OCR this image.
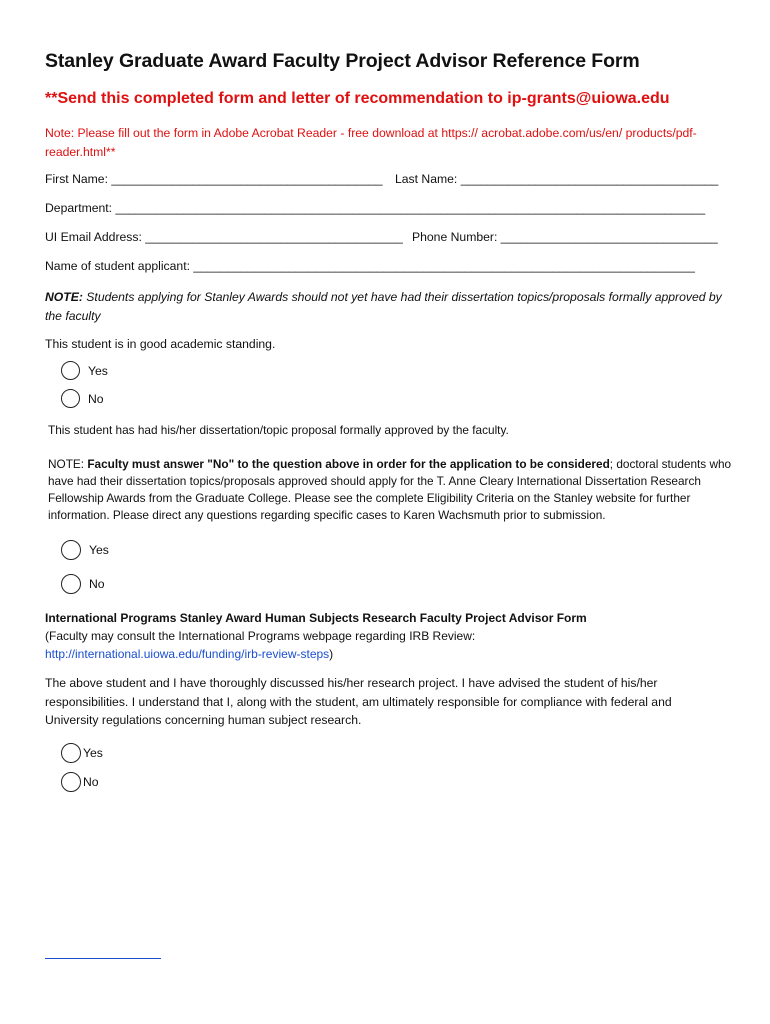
Stanley Graduate Award Faculty Project Advisor Reference Form
**Send this completed form and letter of recommendation to ip-grants@uiowa.edu
Note: Please fill out the form in Adobe Acrobat Reader - free download at https:// acrobat.adobe.com/us/en/ products/pdf-reader.html**
First Name: ________________________________________ Last Name: ______________________________________
Department: _______________________________________________________________________________________
UI Email Address: ______________________________________ Phone Number: ________________________________
Name of student applicant: __________________________________________________________________________
NOTE: Students applying for Stanley Awards should not yet have had their dissertation topics/proposals formally approved by the faculty
This student is in good academic standing.
Yes
No
This student has had his/her dissertation/topic proposal formally approved by the faculty.
NOTE: Faculty must answer "No" to the question above in order for the application to be considered; doctoral students who have had their dissertation topics/proposals approved should apply for the T. Anne Cleary International Dissertation Research Fellowship Awards from the Graduate College. Please see the complete Eligibility Criteria on the Stanley website for further information. Please direct any questions regarding specific cases to Karen Wachsmuth prior to submission.
Yes
No
International Programs Stanley Award Human Subjects Research Faculty Project Advisor Form
(Faculty may consult the International Programs webpage regarding IRB Review:
http://international.uiowa.edu/funding/irb-review-steps)
The above student and I have thoroughly discussed his/her research project. I have advised the student of his/her responsibilities. I understand that I, along with the student, am ultimately responsible for compliance with federal and University regulations concerning human subject research.
Yes
No
